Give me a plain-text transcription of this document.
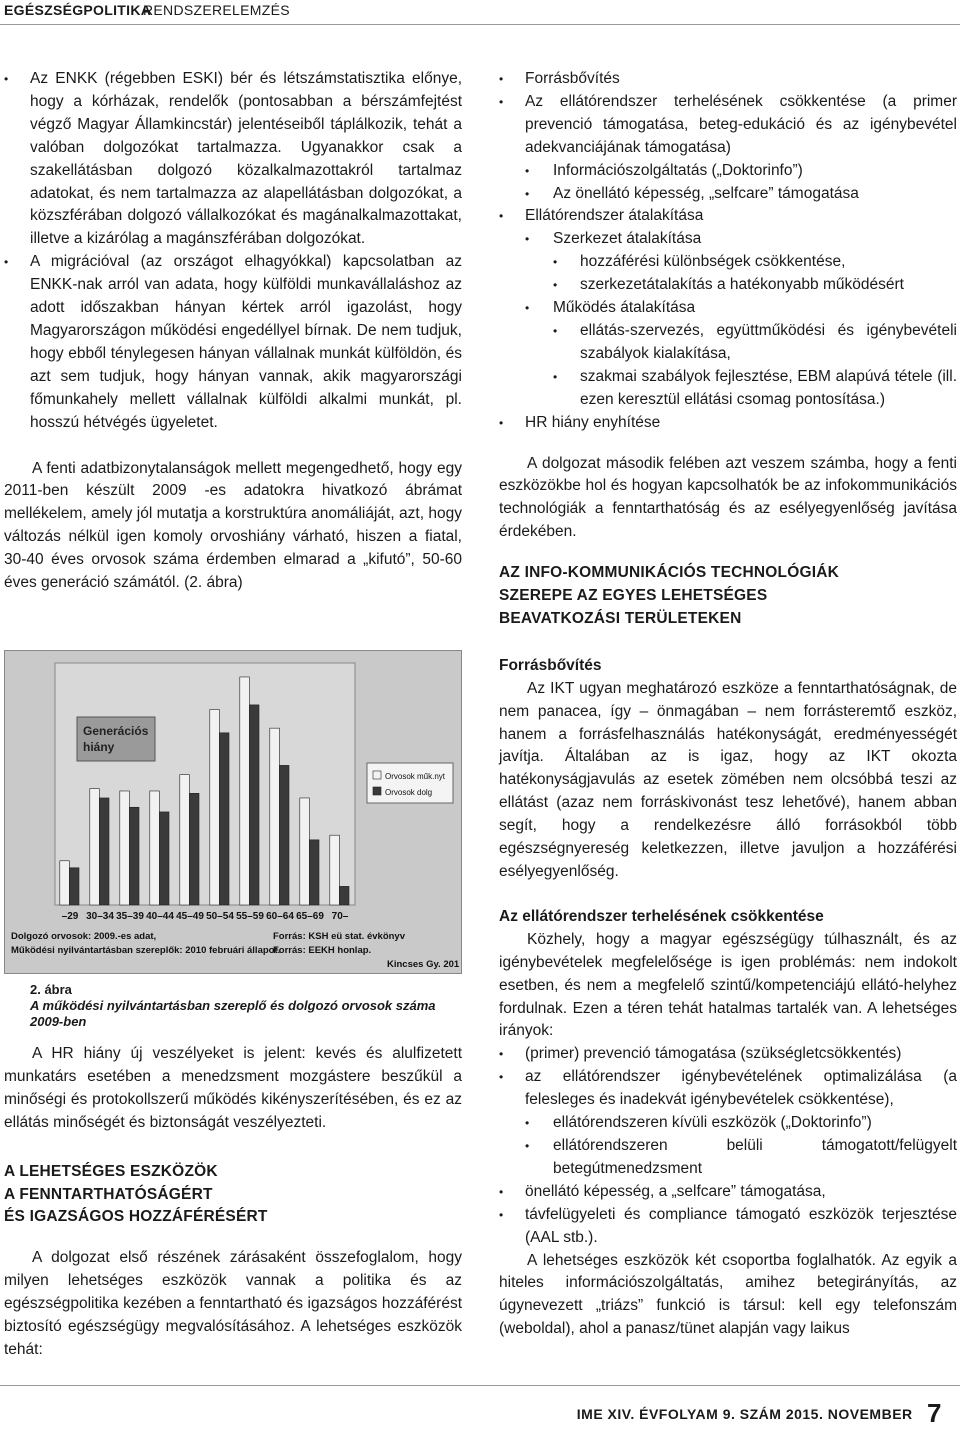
EGÉSZSÉGPOLITIKA
RENDSZERELEMZÉS

• Az ENKK (régebben ESKI) bér és létszámstatisztika előnye, hogy a kórházak, rendelők (pontosabban a bérszámfejtést végző Magyar Államkincstár) jelentéseiből táplálkozik, tehát a valóban dolgozókat tartalmazza. Ugyanakkor csak a szakellátásban dolgozó közalkalmazottakról tartalmaz adatokat, és nem tartalmazza az alapellátásban dolgozókat, a közszférában dolgozó vállalkozókat és magánalkalmazottakat, illetve a kizárólag a magánszférában dolgozókat.

• A migrációval (az országot elhagyókkal) kapcsolatban az ENKK-nak arról van adata, hogy külföldi munkavállaláshoz az adott időszakban hányan kértek arról igazolást, hogy Magyarországon működési engedéllyel bírnak. De nem tudjuk, hogy ebből ténylegesen hányan vállalnak munkát külföldön, és azt sem tudjuk, hogy hányan vannak, akik magyarországi főmunkahely mellett vállalnak külföldi alkalmi munkát, pl. hosszú hétvégés ügyeletet.

A fenti adatbizonytalanságok mellett megengedhető, hogy egy 2011-ben készült 2009 -es adatokra hivatkozó ábrámat mellékelem, amely jól mutatja a korstruktúra anomáliáját, azt, hogy változás nélkül igen komoly orvoshiány várható, hiszen a fiatal, 30-40 éves orvosok száma érdemben elmarad a „kifutó”, 50-60 éves generáció számától. (2. ábra)

–29 30–34 35–39 40–44 45–49 50–54 55–59 60–64 65–69 70–
Generációs
hiány
Orvosok műk.nyt
Orvosok dolg
Dolgozó orvosok: 2009.-es adat,
Működési nyilvántartásban szereplők: 2010 februári állapot.
Forrás: KSH eü stat. évkönyv
Forrás: EEKH honlap.
Kincses Gy. 201
2. ábra
A működési nyilvántartásban szereplő és dolgozó orvosok száma 2009-ben

A HR hiány új veszélyeket is jelent: kevés és alulfizetett munkatárs esetében a menedzsment mozgástere beszűkül a minőségi és protokollszerű működés kikényszerítésében, és ez az ellátás minőségét és biztonságát veszélyezteti.

A LEHETSÉGES ESZKÖZÖK
A FENNTARTHATÓSÁGÉRT
ÉS IGAZSÁGOS HOZZÁFÉRÉSÉRT

A dolgozat első részének zárásaként összefoglalom, hogy milyen lehetséges eszközök vannak a politika és az egészségpolitika kezében a fenntartható és igazságos hozzáférést biztosító egészségügy megvalósításához. A lehetséges eszközök tehát:

• Forrásbővítés

• Az ellátórendszer terhelésének csökkentése (a primer prevenció támogatása, beteg-edukáció és az igénybevétel adekvanciájának támogatása)

• Információszolgáltatás („Doktorinfo”)

• Az önellátó képesség, „selfcare” támogatása

• Ellátórendszer átalakítása

• Szerkezet átalakítása

• hozzáférési különbségek csökkentése,

• szerkezetátalakítás a hatékonyabb működésért

• Működés átalakítása

• ellátás-szervezés, együttműködési és igénybevételi szabályok kialakítása,

• szakmai szabályok fejlesztése, EBM alapúvá tétele (ill. ezen keresztül ellátási csomag pontosítása.)

• HR hiány enyhítése

A dolgozat második felében azt veszem számba, hogy a fenti eszközökbe hol és hogyan kapcsolhatók be az infokommunikációs technológiák a fenntarthatóság és az esélyegyenlőség javítása érdekében.

AZ INFO-KOMMUNIKÁCIÓS TECHNOLÓGIÁK
SZEREPE AZ EGYES LEHETSÉGES
BEAVATKOZÁSI TERÜLETEKEN
Forrásbővítés

Az IKT ugyan meghatározó eszköze a fenntarthatóságnak, de nem panacea, így – önmagában – nem forrásteremtő eszköz, hanem a forrásfelhasználás hatékonyságát, eredményességét javítja. Általában az is igaz, hogy az IKT okozta hatékonyságjavulás az esetek zömében nem olcsóbbá teszi az ellátást (azaz nem forráskivonást tesz lehetővé), hanem abban segít, hogy a rendelkezésre álló forrásokból több egészségnyereség keletkezzen, illetve javuljon a hozzáférési esélyegyenlőség.

Az ellátórendszer terhelésének csökkentése

Közhely, hogy a magyar egészségügy túlhasznált, és az igénybevételek megfelelősége is igen problémás: nem indokolt esetben, és nem a megfelelő szintű/kompetenciájú ellátó-helyhez fordulnak. Ezen a téren tehát hatalmas tartalék van. A lehetséges irányok:

• (primer) prevenció támogatása (szükségletcsökkentés)

• az ellátórendszer igénybevételének optimalizálása (a felesleges és inadekvát igénybevételek csökkentése),

• ellátórendszeren kívüli eszközök („Doktorinfo”)

• ellátórendszeren belüli támogatott/felügyelt betegútmenedzsment

• önellátó képesség, a „selfcare” támogatása,

• távfelügyeleti és compliance támogató eszközök terjesztése (AAL stb.).

A lehetséges eszközök két csoportba foglalhatók. Az egyik a hiteles információszolgáltatás, amihez betegirányítás, az úgynevezett „triázs” funkció is társul: kell egy telefonszám (weboldal), ahol a panasz/tünet alapján vagy laikus

IME XIV. ÉVFOLYAM 9. SZÁM 2015. NOVEMBER 7
